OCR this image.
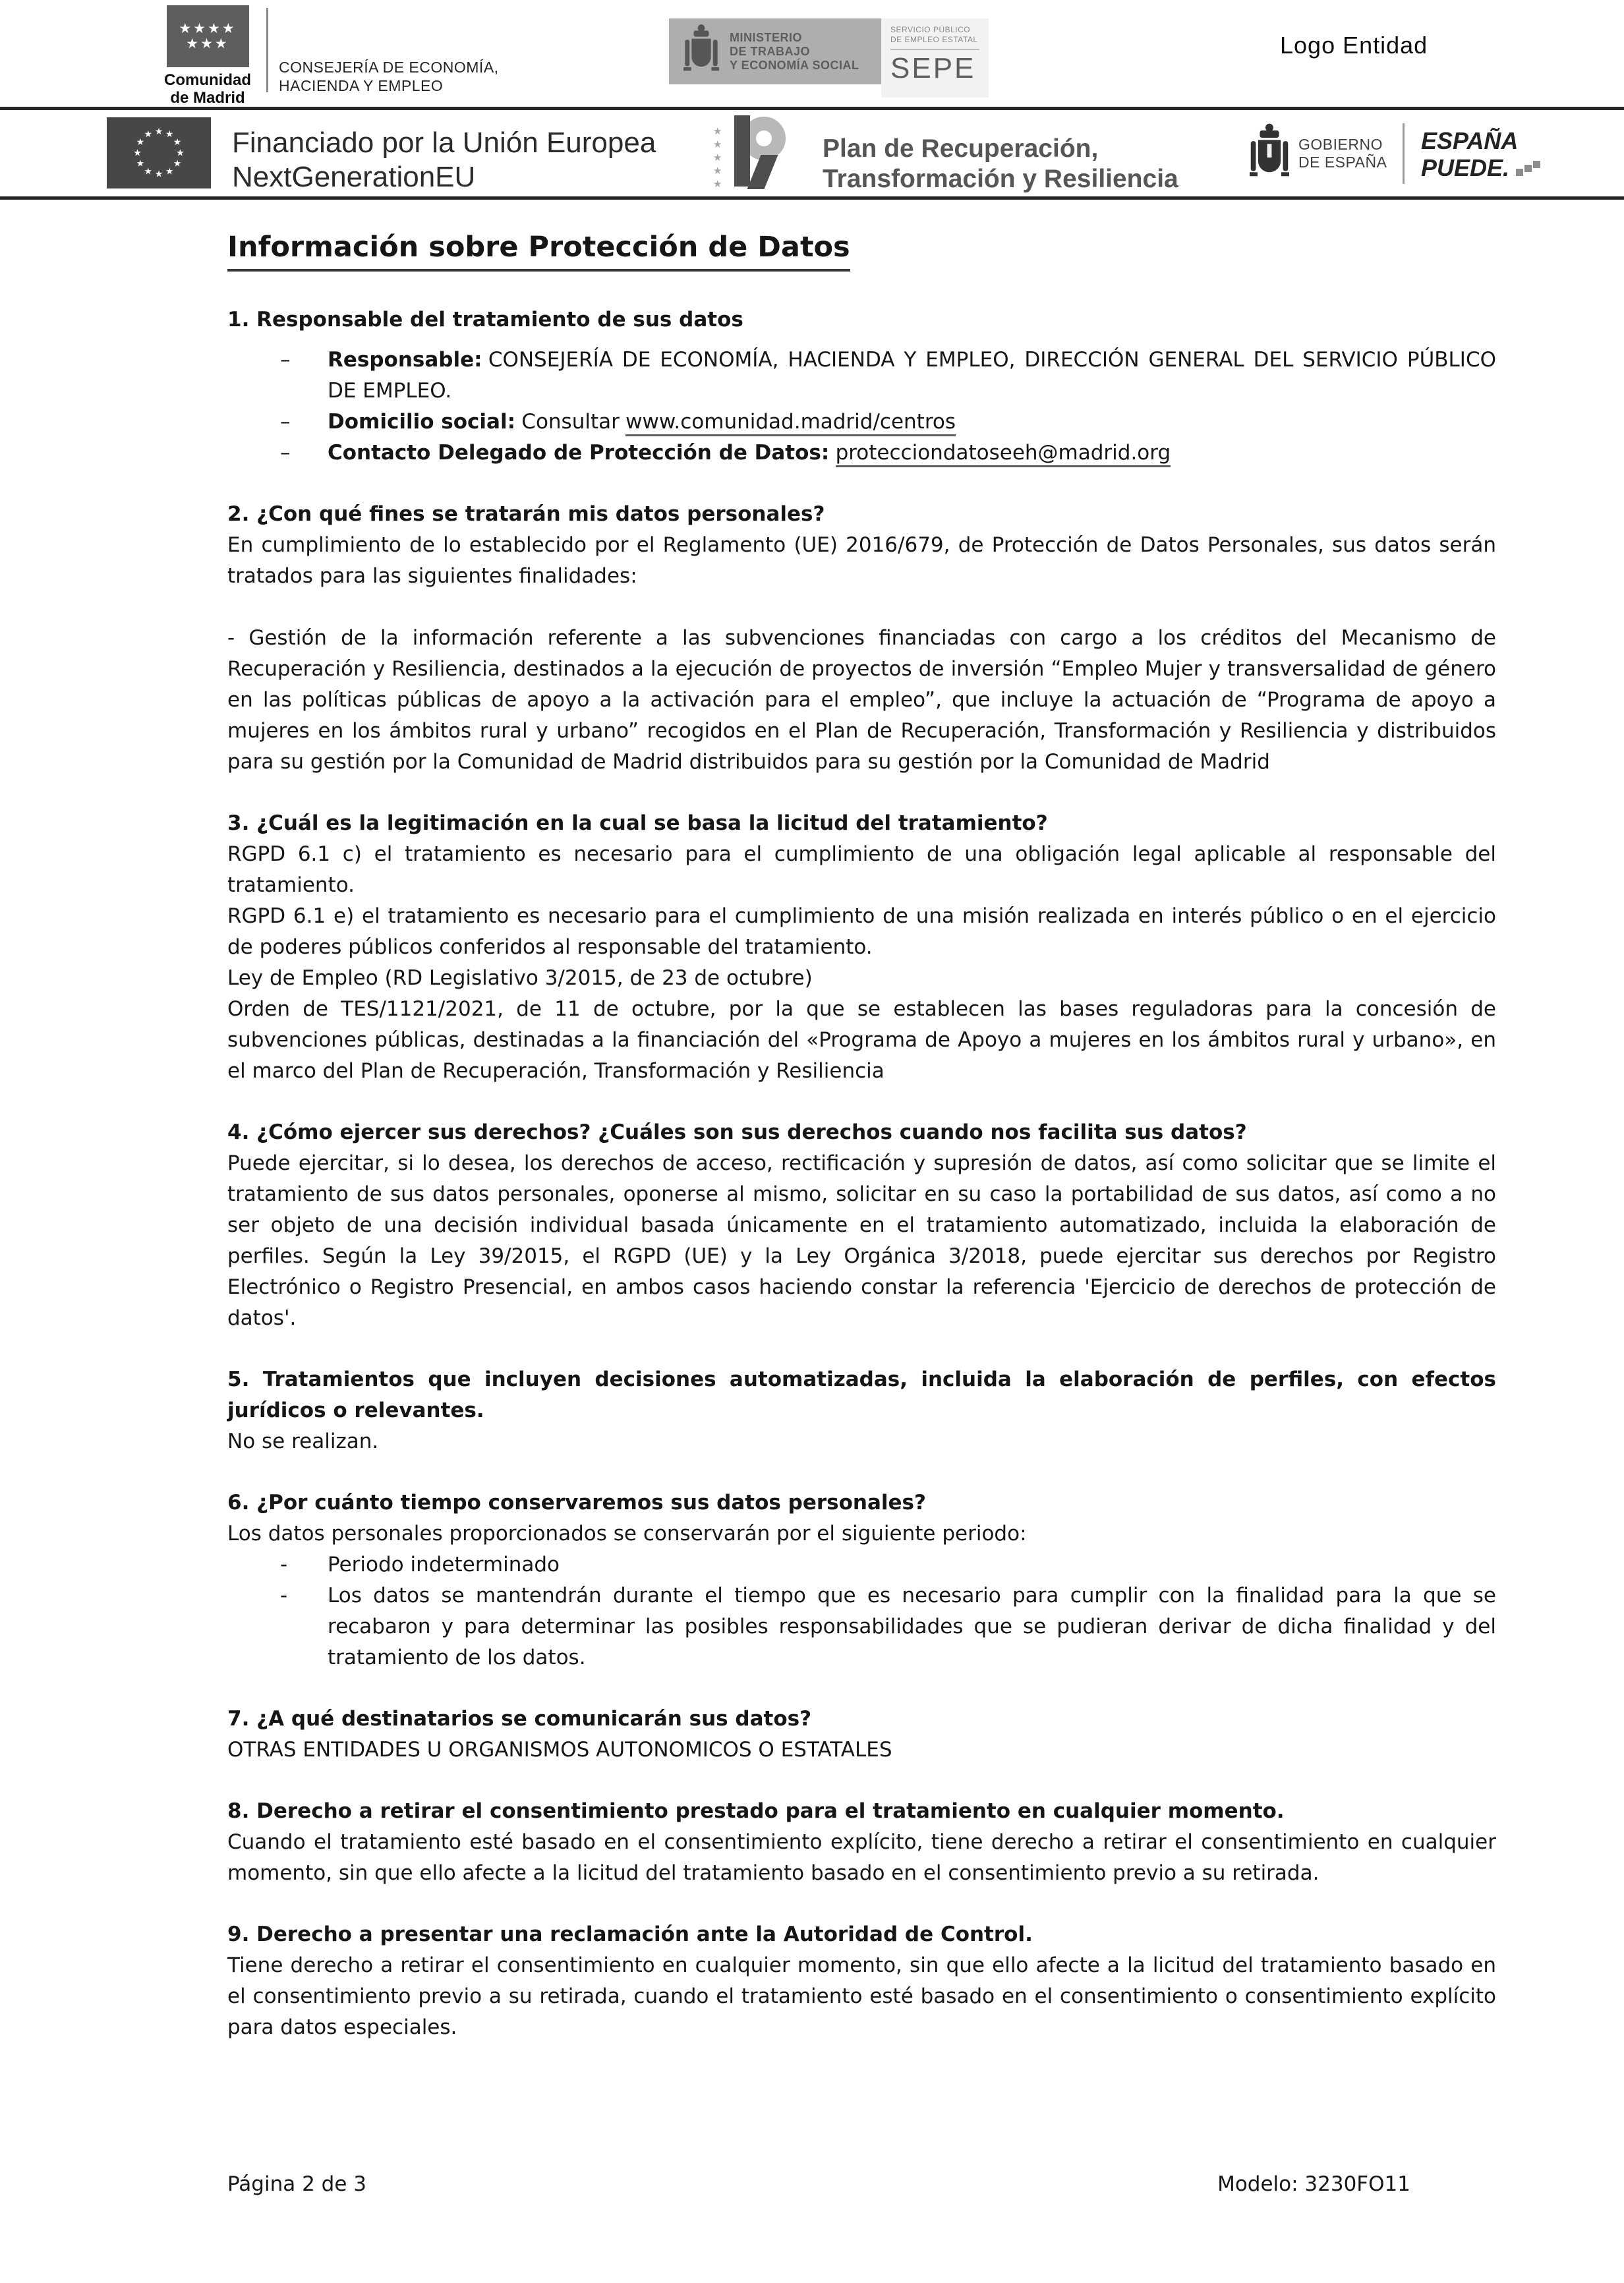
★★★★
★★★
Comunidad
de Madrid
CONSEJERÍA DE ECONOMÍA,
HACIENDA Y EMPLEO
MINISTERIO
DE TRABAJO
Y ECONOMÍA SOCIAL
SERVICIO PÚBLICO
DE EMPLEO ESTATAL
SEPE
Logo Entidad
★ ★
★
★
★
★
★
★
★
★
★
★	Financiado por la Unión Europea
NextGenerationEU
★★★★★
Plan de Recuperación,
Transformación y Resiliencia
GOBIERNO
DE ESPAÑA
ESPAÑA
PUEDE.
Información sobre Protección de Datos

1. Responsable del tratamiento de sus datos

–	Responsable: CONSEJERÍA DE ECONOMÍA, HACIENDA Y EMPLEO, DIRECCIÓN GENERAL DEL SERVICIO PÚBLICO DE EMPLEO.

–	Domicilio social: Consultar www.comunidad.madrid/centros

–	Contacto Delegado de Protección de Datos: protecciondatoseeh@madrid.org

2. ¿Con qué fines se tratarán mis datos personales?

En cumplimiento de lo establecido por el Reglamento (UE) 2016/679, de Protección de Datos Personales, sus datos serán tratados para las siguientes finalidades:

- Gestión de la información referente a las subvenciones financiadas con cargo a los créditos del Mecanismo de Recuperación y Resiliencia, destinados a la ejecución de proyectos de inversión “Empleo Mujer y transversalidad de género en las políticas públicas de apoyo a la activación para el empleo”, que incluye la actuación de “Programa de apoyo a mujeres en los ámbitos rural y urbano” recogidos en el Plan de Recuperación, Transformación y Resiliencia y distribuidos para su gestión por la Comunidad de Madrid distribuidos para su gestión por la Comunidad de Madrid

3. ¿Cuál es la legitimación en la cual se basa la licitud del tratamiento?

RGPD 6.1 c) el tratamiento es necesario para el cumplimiento de una obligación legal aplicable al responsable del tratamiento.

RGPD 6.1 e) el tratamiento es necesario para el cumplimiento de una misión realizada en interés público o en el ejercicio de poderes públicos conferidos al responsable del tratamiento.

Ley de Empleo (RD Legislativo 3/2015, de 23 de octubre)

Orden de TES/1121/2021, de 11 de octubre, por la que se establecen las bases reguladoras para la concesión de subvenciones públicas, destinadas a la financiación del «Programa de Apoyo a mujeres en los ámbitos rural y urbano», en el marco del Plan de Recuperación, Transformación y Resiliencia

4. ¿Cómo ejercer sus derechos? ¿Cuáles son sus derechos cuando nos facilita sus datos?

Puede ejercitar, si lo desea, los derechos de acceso, rectificación y supresión de datos, así como solicitar que se limite el tratamiento de sus datos personales, oponerse al mismo, solicitar en su caso la portabilidad de sus datos, así como a no ser objeto de una decisión individual basada únicamente en el tratamiento automatizado, incluida la elaboración de perfiles. Según la Ley 39/2015, el RGPD (UE) y la Ley Orgánica 3/2018, puede ejercitar sus derechos por Registro Electrónico o Registro Presencial, en ambos casos haciendo constar la referencia 'Ejercicio de derechos de protección de datos'.

5. Tratamientos que incluyen decisiones automatizadas, incluida la elaboración de perfiles, con efectos jurídicos o relevantes.

No se realizan.

6. ¿Por cuánto tiempo conservaremos sus datos personales?

Los datos personales proporcionados se conservarán por el siguiente periodo:

-	Periodo indeterminado

-	Los datos se mantendrán durante el tiempo que es necesario para cumplir con la finalidad para la que se recabaron y para determinar las posibles responsabilidades que se pudieran derivar de dicha finalidad y del tratamiento de los datos.

7. ¿A qué destinatarios se comunicarán sus datos?

OTRAS ENTIDADES U ORGANISMOS AUTONOMICOS O ESTATALES

8. Derecho a retirar el consentimiento prestado para el tratamiento en cualquier momento.

Cuando el tratamiento esté basado en el consentimiento explícito, tiene derecho a retirar el consentimiento en cualquier momento, sin que ello afecte a la licitud del tratamiento basado en el consentimiento previo a su retirada.

9. Derecho a presentar una reclamación ante la Autoridad de Control.

Tiene derecho a retirar el consentimiento en cualquier momento, sin que ello afecte a la licitud del tratamiento basado en el consentimiento previo a su retirada, cuando el tratamiento esté basado en el consentimiento o consentimiento explícito para datos especiales.

Página 2 de 3	Modelo: 3230FO11
